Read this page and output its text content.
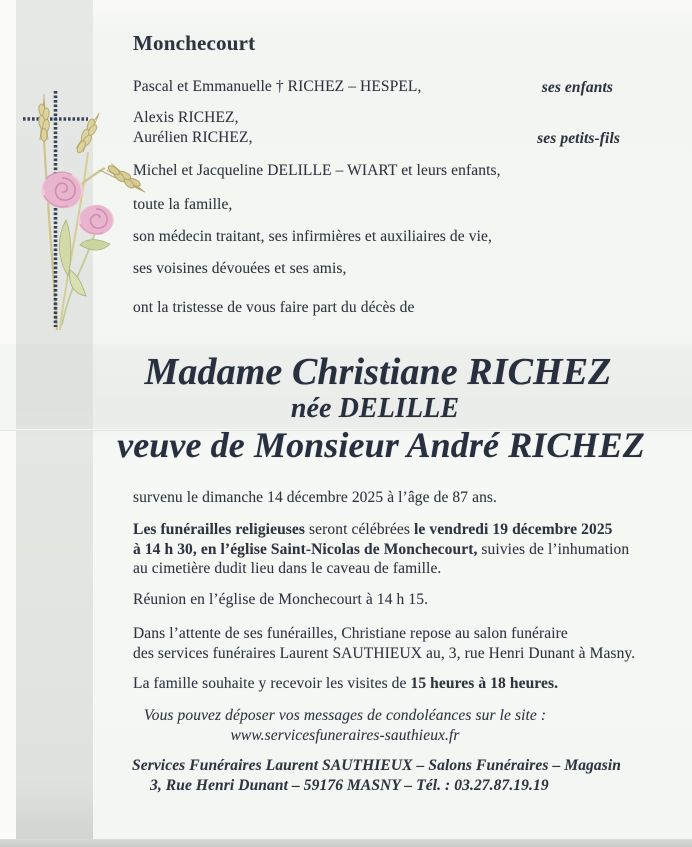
Monchecourt
Pascal et Emmanuelle † RICHEZ – HESPEL,	ses enfants
Alexis RICHEZ,
Aurélien RICHEZ,	ses petits-fils
Michel et Jacqueline DELILLE – WIART et leurs enfants,
toute la famille,
son médecin traitant, ses infirmières et auxiliaires de vie,
ses voisines dévouées et ses amis,
ont la tristesse de vous faire part du décès de
Madame Christiane RICHEZ
née DELILLE
veuve de Monsieur André RICHEZ
survenu le dimanche 14 décembre 2025 à l’âge de 87 ans.
Les funérailles religieuses seront célébrées le vendredi 19 décembre 2025
à 14 h 30, en l’église Saint-Nicolas de Monchecourt, suivies de l’inhumation
au cimetière dudit lieu dans le caveau de famille.
Réunion en l’église de Monchecourt à 14 h 15.
Dans l’attente de ses funérailles, Christiane repose au salon funéraire
des services funéraires Laurent SAUTHIEUX au, 3, rue Henri Dunant à Masny.
La famille souhaite y recevoir les visites de 15 heures à 18 heures.
Vous pouvez déposer vos messages de condoléances sur le site :
www.servicesfuneraires-sauthieux.fr
Services Funéraires Laurent SAUTHIEUX – Salons Funéraires – Magasin
3, Rue Henri Dunant – 59176 MASNY – Tél. : 03.27.87.19.19
